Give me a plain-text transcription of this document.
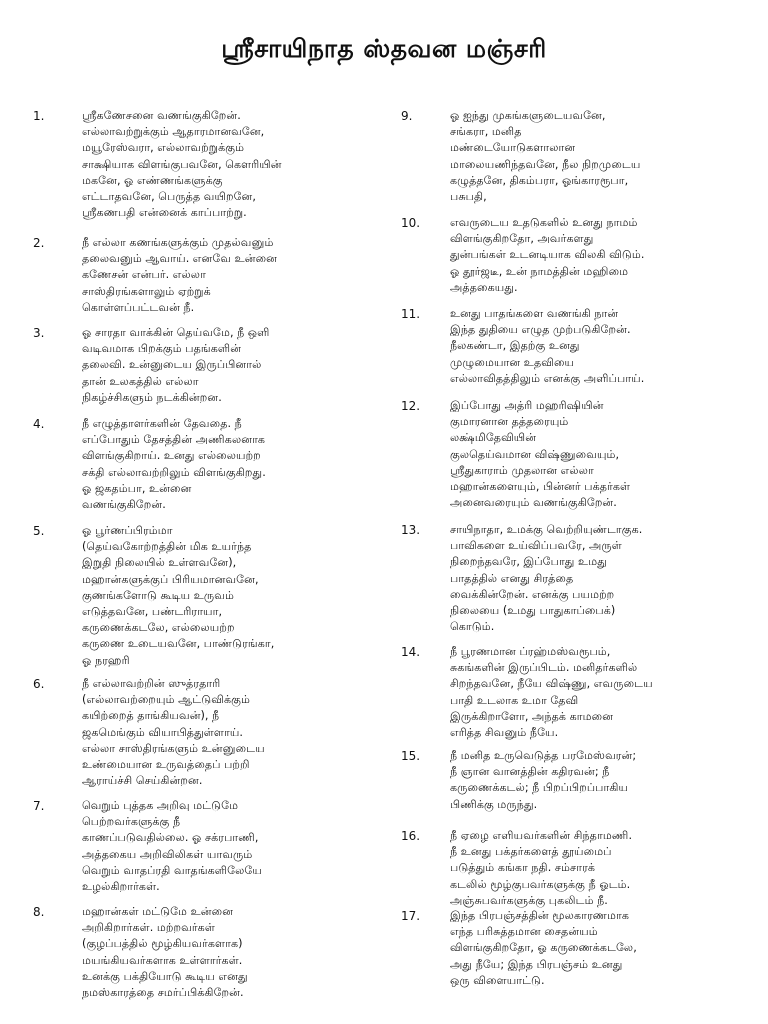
ஸ்ரீசாயிநாத ஸ்தவன மஞ்சரி
1.	ஸ்ரீகணேசனை வணங்குகிறேன்.
எல்லாவற்றுக்கும் ஆதாரமானவனே,
மயூரேஸ்வரா, எல்லாவற்றுக்கும்
சாக்ஷியாக விளங்குபவனே, கௌரியின்
மகனே, ஓ எண்ணங்களுக்கு
எட்டாதவனே, பெருத்த வயிறனே,
ஸ்ரீகணபதி என்னைக் காப்பாற்று.
2.	நீ எல்லா கணங்களுக்கும் முதல்வனும்
தலைவனும் ஆவாய். எனவே உன்னை
கணேசன் என்பர். எல்லா
சாஸ்திரங்களாலும் ஏற்றுக்
கொள்ளப்பட்டவன் நீ.
3.	ஓ சாரதா வாக்கின் தெய்வமே, நீ ஒளி
வடிவமாக பிறக்கும் பதங்களின்
தலைவி. உன்னுடைய இருப்பினால்
தான் உலகத்தில் எல்லா
நிகழ்ச்சிகளும் நடக்கின்றன.
4.	நீ எழுத்தாளர்களின் தேவதை. நீ
எப்போதும் தேசத்தின் அணிகலனாக
விளங்குகிறாய். உனது எல்லையற்ற
சக்தி எல்லாவற்றிலும் விளங்குகிறது.
ஓ ஜகதம்பா, உன்னை
வணங்குகிறேன்.
5.	ஓ பூர்ணப்பிரம்மா
(தெய்வகோற்றத்தின் மிக உயர்ந்த
இறுதி நிலையில் உள்ளவனே),
மஹான்களுக்குப் பிரியமானவனே,
குணங்களோடு கூடிய உருவம்
எடுத்தவனே, பண்டரிராயா,
கருணைக்கடலே, எல்லையற்ற
கருணை உடையவனே, பாண்டுரங்கா,
ஓ நரஹரி
6.	நீ எல்லாவற்றின் ஸுத்ரதாரி
(எல்லாவற்றையும் ஆட்டுவிக்கும்
கயிற்றைத் தாங்கியவன்), நீ
ஜகமெங்கும் வியாபித்துள்ளாய்.
எல்லா சாஸ்திரங்களும் உன்னுடைய
உண்மையான உருவத்தைப் பற்றி
ஆராய்ச்சி செய்கின்றன.
7.	வெறும் புத்தக அறிவு மட்டுமே
பெற்றவர்களுக்கு நீ
காணப்படுவதில்லை. ஓ சக்ரபாணி,
அத்தகைய அறிவிலிகள் யாவரும்
வெறும் வாதப்ரதி வாதங்களிலேயே
உழல்கிறார்கள்.
8.	மஹான்கள் மட்டுமே உன்னை
அறிகிறார்கள். மற்றவர்கள்
(குழப்பத்தில் மூழ்கியவர்களாக)
மயங்கியவர்களாக உள்ளார்கள்.
உனக்கு பக்தியோடு கூடிய எனது
நமஸ்காரத்தை சமர்ப்பிக்கிறேன்.
9.	ஓ ஐந்து முகங்களுடையவனே,
சங்கரா, மனித
மண்டையோடுகளாலான
மாலையணிந்தவனே, நீல நிறமுடைய
கழுத்தனே, திகம்பரா, ஓங்காரரூபா,
பசுபதி,
10.	எவருடைய உதடுகளில் உனது நாமம்
விளங்குகிறதோ, அவர்களது
துன்பங்கள் உடனடியாக விலகி விடும்.
ஓ தூர்ஜடீ, உன் நாமத்தின் மஹிமை
அத்தகையது.
11.	உனது பாதங்களை வணங்கி நான்
இந்த துதியை எழுத முற்படுகிறேன்.
நீலகண்டா, இதற்கு உனது
முழுமையான உதவியை
எல்லாவிதத்திலும் எனக்கு அளிப்பாய்.
12.	இப்போது அத்ரி மஹரிஷியின்
குமாரனான தத்தரையும்
லக்ஷ்மிதேவியின்
குலதெய்வமான விஷ்ணுவையும்,
ஸ்ரீதுகாராம் முதலான எல்லா
மஹான்களையும், பின்னர் பக்தர்கள்
அனைவரையும் வணங்குகிறேன்.
13.	சாயிநாதா, உமக்கு வெற்றியுண்டாகுக.
பாவிகளை உய்விப்பவரே, அருள்
நிறைந்தவரே, இப்போது உமது
பாதத்தில் எனது சிரத்தை
வைக்கின்றேன். எனக்கு பயமற்ற
நிலையை (உமது பாதுகாப்பைக்)
கொடும்.
14.	நீ பூரணமான ப்ரஹ்மஸ்வரூபம்,
சுகங்களின் இருப்பிடம். மனிதர்களில்
சிறந்தவனே, நீயே விஷ்ணு, எவருடைய
பாதி உடலாக உமா தேவி
இருக்கிறாளோ, அந்தக் காமனை
எரித்த சிவனும் நீயே.
15.	நீ மனித உருவெடுத்த பரமேஸ்வரன்;
நீ ஞான வானத்தின் கதிரவன்; நீ
கருணைக்கடல்; நீ பிறப்பிறப்பாகிய
பிணிக்கு மருந்து.
16.	நீ ஏழை எளியவர்களின் சிந்தாமணி.
நீ உனது பக்தர்களைத் தூய்மைப்
படுத்தும் கங்கா நதி. சம்சாரக்
கடலில் மூழ்குபவர்களுக்கு நீ ஓடம்.
அஞ்சுபவர்களுக்கு புகலிடம் நீ.
17.	இந்த பிரபஞ்சத்தின் மூலகாரணமாக
எந்த பரிசுத்தமான சைதன்யம்
விளங்குகிறதோ, ஓ கருணைக்கடலே,
அது நீயே; இந்த பிரபஞ்சம் உனது
ஒரு விளையாட்டு.
